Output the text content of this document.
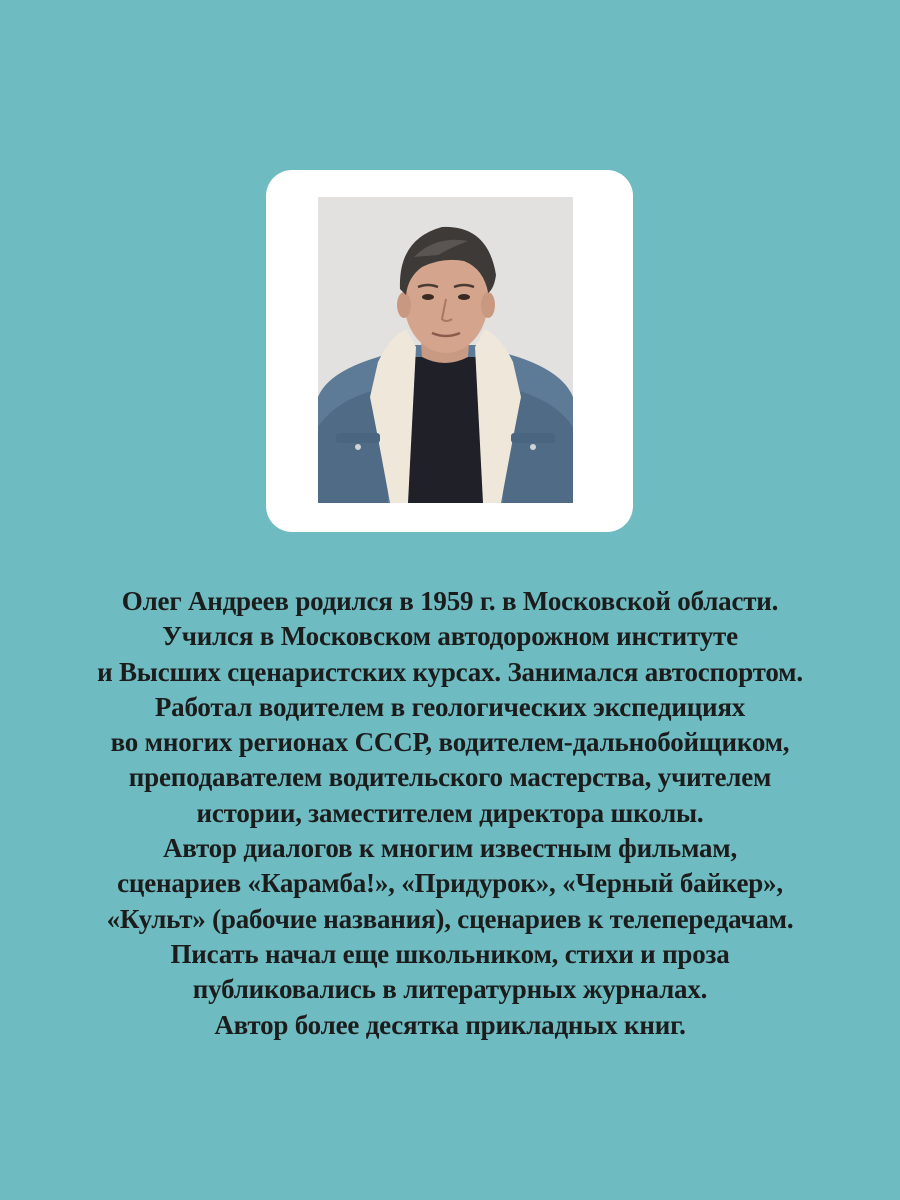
Олег Андреев родился в 1959 г. в Московской области.
Учился в Московском автодорожном институте
и Высших сценаристских курсах. Занимался автоспортом.
Работал водителем в геологических экспедициях
во многих регионах СССР, водителем-дальнобойщиком,
преподавателем водительского мастерства, учителем
истории, заместителем директора школы.
Автор диалогов к многим известным фильмам,
сценариев «Карамба!», «Придурок», «Черный байкер»,
«Культ» (рабочие названия), сценариев к телепередачам.
Писать начал еще школьником, стихи и проза
публиковались в литературных журналах.
Автор более десятка прикладных книг.
